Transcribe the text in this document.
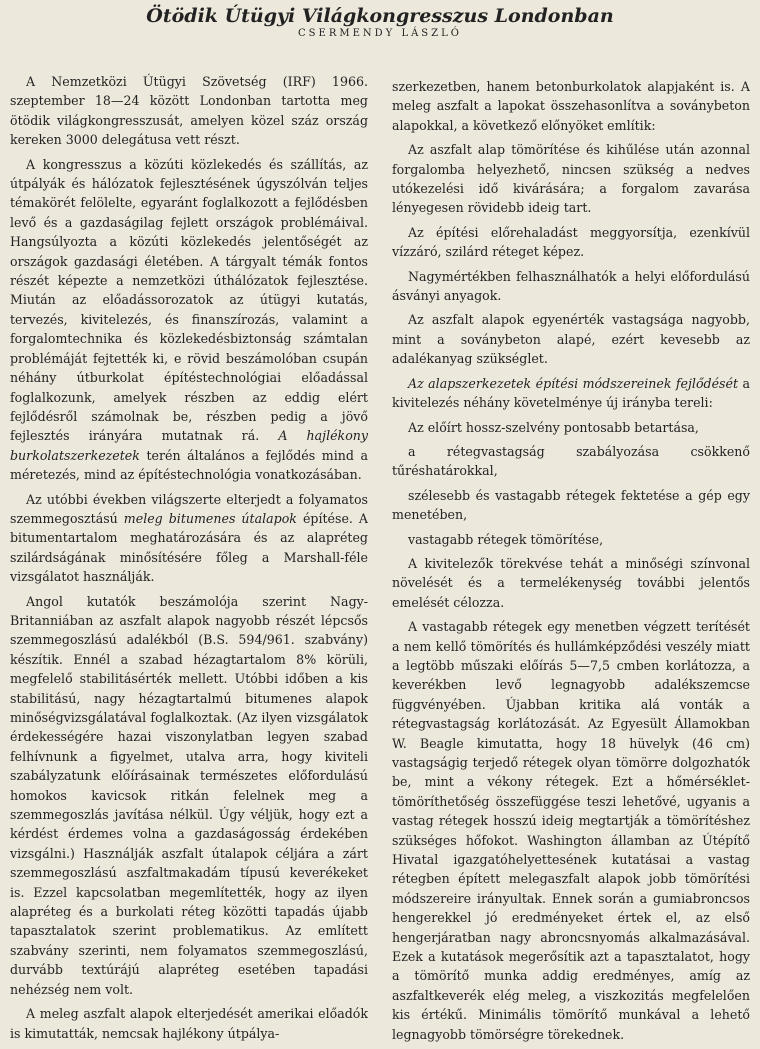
Ötödik Útügyi Világkongresszus Londonban
CSERMENDY LÁSZLÓ

A Nemzetközi Útügyi Szövetség (IRF) 1966. szeptember 18—24 között Londonban tartotta meg ötödik világkongresszusát, amelyen közel száz ország kereken 3000 delegátusa vett részt.

A kongresszus a közúti közlekedés és szállítás, az útpályák és hálózatok fejlesztésének úgyszólván teljes témakörét felölelte, egyaránt foglalkozott a fejlődésben levő és a gazdaságilag fejlett országok problémáival. Hangsúlyozta a közúti közlekedés jelentőségét az országok gazdasági életében. A tárgyalt témák fontos részét képezte a nemzetközi úthálózatok fejlesztése. Miután az előadássorozatok az útügyi kutatás, tervezés, kivitelezés, és finanszírozás, valamint a forgalomtechnika és közlekedésbiztonság számtalan problémáját fejtették ki, e rövid beszámolóban csupán néhány útburkolat építéstechnológiai előadással foglalkozunk, amelyek részben az eddig elért fejlődésről számolnak be, részben pedig a jövő fejlesztés irányára mutatnak rá. A hajlékony burkolatszerkezetek terén általános a fejlődés mind a méretezés, mind az építéstechnológia vonatkozásában.

Az utóbbi években világszerte elterjedt a folyamatos szemmegosztású meleg bitumenes útalapok építése. A bitumentartalom meghatározására és az alapréteg szilárdságának minősítésére főleg a Marshall-féle vizsgálatot használják.

Angol kutatók beszámolója szerint Nagy-Britanniában az aszfalt alapok nagyobb részét lépcsős szemmegoszlású adalékból (B.S. 594/961. szabvány) készítik. Ennél a szabad hézagtartalom 8% körüli, megfelelő stabilitásérték mellett. Utóbbi időben a kis stabilitású, nagy hézagtartalmú bitumenes alapok minőségvizsgálatával foglalkoztak. (Az ilyen vizsgálatok érdekességére hazai viszonylatban legyen szabad felhívnunk a figyelmet, utalva arra, hogy kiviteli szabályzatunk előírásainak természetes előfordulású homokos kavicsok ritkán felelnek meg a szemmegoszlás javítása nélkül. Úgy véljük, hogy ezt a kérdést érdemes volna a gazdaságosság érdekében vizsgálni.) Használják aszfalt útalapok céljára a zárt szemmegoszlású aszfaltmakadám típusú keverékeket is. Ezzel kapcsolatban megemlítették, hogy az ilyen alapréteg és a burkolati réteg közötti tapadás újabb tapasztalatok szerint problematikus. Az említett szabvány szerinti, nem folyamatos szemmegoszlású, durvább textúrájú alapréteg esetében tapadási nehézség nem volt.

A meleg aszfalt alapok elterjedését amerikai előadók is kimutatták, nemcsak hajlékony útpálya-

szerkezetben, hanem betonburkolatok alapjaként is. A meleg aszfalt a lapokat összehasonlítva a soványbeton alapokkal, a következő előnyöket említik:

Az aszfalt alap tömörítése és kihűlése után azonnal forgalomba helyezhető, nincsen szükség a nedves utókezelési idő kivárására; a forgalom zavarása lényegesen rövidebb ideig tart.

Az építési előrehaladást meggyorsítja, ezenkívül vízzáró, szilárd réteget képez.

Nagymértékben felhasználhatók a helyi előfordulású ásványi anyagok.

Az aszfalt alapok egyenérték vastagsága nagyobb, mint a soványbeton alapé, ezért kevesebb az adalékanyag szükséglet.

Az alapszerkezetek építési módszereinek fejlődését a kivitelezés néhány követelménye új irányba tereli:

Az előírt hossz-szelvény pontosabb betartása,

a rétegvastagság szabályozása csökkenő tűréshatárokkal,

szélesebb és vastagabb rétegek fektetése a gép egy menetében,

vastagabb rétegek tömörítése,

A kivitelezők törekvése tehát a minőségi színvonal növelését és a termelékenység további jelentős emelését célozza.

A vastagabb rétegek egy menetben végzett terítését a nem kellő tömörítés és hullámképződési veszély miatt a legtöbb műszaki előírás 5—7,5 cmben korlátozza, a keverékben levő legnagyobb adalékszemcse függvényében. Újabban kritika alá vonták a rétegvastagság korlátozását. Az Egyesült Államokban W. Beagle kimutatta, hogy 18 hüvelyk (46 cm) vastagságig terjedő rétegek olyan tömörre dolgozhatók be, mint a vékony rétegek. Ezt a hőmérséklet-tömöríthetőség összefüggése teszi lehetővé, ugyanis a vastag rétegek hosszú ideig megtartják a tömörítéshez szükséges hőfokot. Washington államban az Útépítő Hivatal igazgatóhelyettesének kutatásai a vastag rétegben épített melegaszfalt alapok jobb tömörítési módszereire irányultak. Ennek során a gumiabroncsos hengerekkel jó eredményeket értek el, az első hengerjáratban nagy abroncsnyomás alkalmazásával. Ezek a kutatások megerősítik azt a tapasztalatot, hogy a tömörítő munka addig eredményes, amíg az aszfaltkeverék elég meleg, a viszkozitás megfelelően kis értékű. Minimális tömörítő munkával a lehető legnagyobb tömörségre törekednek.
